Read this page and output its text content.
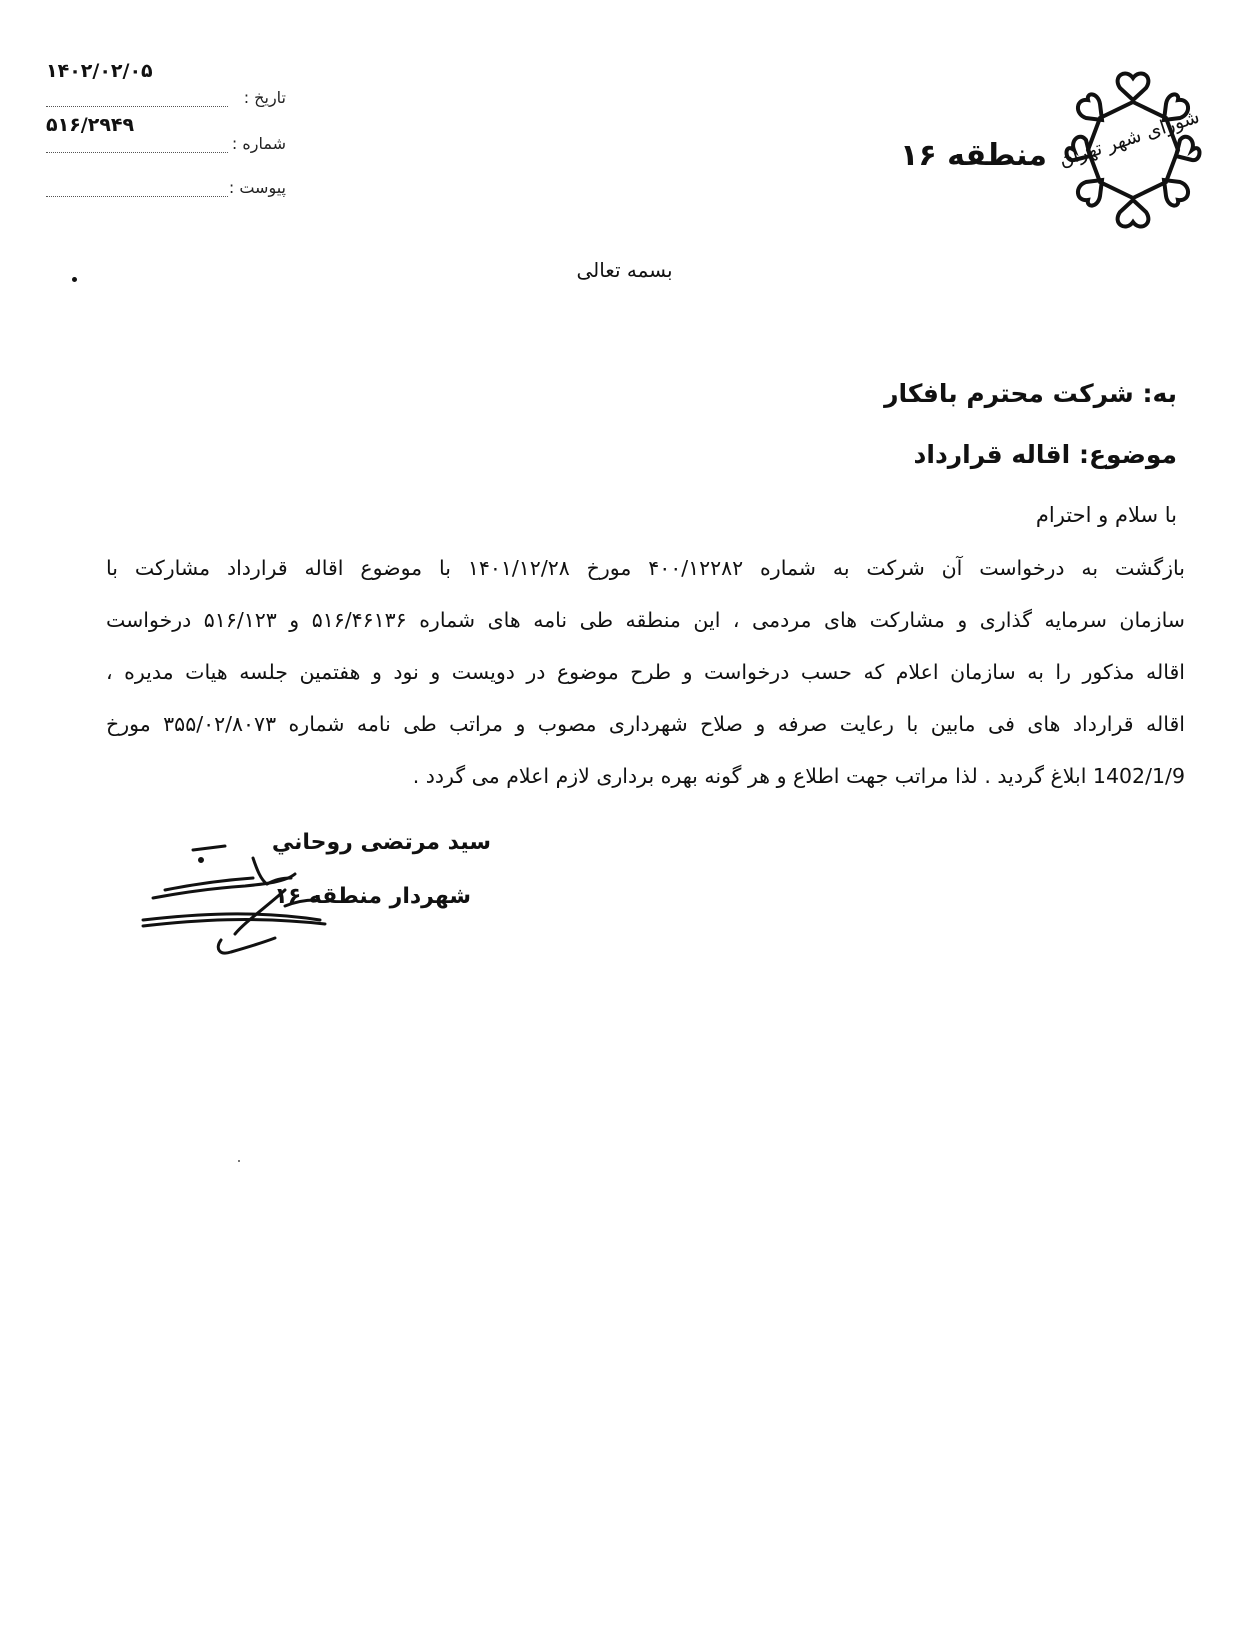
شورای شهر تهران
منطقه ۱۶
۱۴۰۲/۰۲/۰۵
تاریخ :
۵۱۶/۲۹۴۹
شماره :
پیوست :
بسمه تعالی
به: شرکت محترم بافکار
موضوع: اقاله قرارداد
با سلام و احترام
بازگشت به درخواست آن شرکت به شماره ۴۰۰/۱۲۲۸۲ مورخ ۱۴۰۱/۱۲/۲۸ با موضوع اقاله قرارداد مشارکت با
سازمان سرمایه گذاری و مشارکت های مردمی ، این منطقه طی نامه های شماره ۵۱۶/۴۶۱۳۶ و ۵۱۶/۱۲۳ درخواست
اقاله مذکور را به سازمان اعلام که حسب درخواست و طرح موضوع در دویست و نود و هفتمین جلسه هیات مدیره ،
اقاله قرارداد های فی مابین با رعایت صرفه و صلاح شهرداری مصوب و مراتب طی نامه شماره ۳۵۵/۰۲/۸۰۷۳ مورخ
1402/1/9 ابلاغ گردید . لذا مراتب جهت اطلاع و هر گونه بهره برداری لازم اعلام می گردد .
سید مرتضی روحاني
شهردار منطقه ۱۶
